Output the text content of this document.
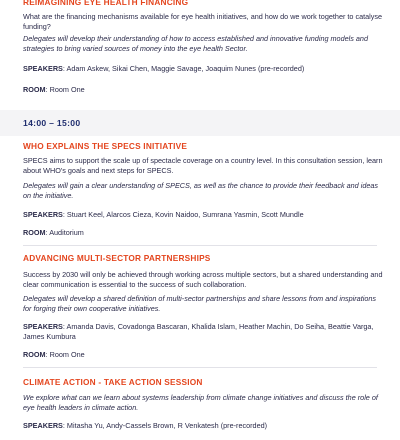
REIMAGINING EYE HEALTH FINANCING
What are the financing mechanisms available for eye health initiatives, and how do we work together to catalyse funding?
Delegates will develop their understanding of how to access established and innovative funding models and strategies to bring varied sources of money into the eye health Sector.
SPEAKERS: Adam Askew, Sikai Chen, Maggie Savage, Joaquim Nunes (pre-recorded)
ROOM: Room One
14:00 – 15:00
WHO EXPLAINS THE SPECS INITIATIVE
SPECS aims to support the scale up of spectacle coverage on a country level. In this consultation session, learn about WHO's goals and next steps for SPECS.
Delegates will gain a clear understanding of SPECS, as well as the chance to provide their feedback and ideas on the initiative.
SPEAKERS: Stuart Keel, Alarcos Cieza, Kovin Naidoo, Sumrana Yasmin, Scott Mundle
ROOM: Auditorium
ADVANCING MULTI-SECTOR PARTNERSHIPS
Success by 2030 will only be achieved through working across multiple sectors, but a shared understanding and clear communication is essential to the success of such collaboration.
Delegates will develop a shared definition of multi-sector partnerships and share lessons from and inspirations for forging their own cooperative initiatives.
SPEAKERS: Amanda Davis, Covadonga Bascaran, Khalida Islam, Heather Machin, Do Seiha, Beattie Varga, James Kumbura
ROOM: Room One
CLIMATE ACTION - TAKE ACTION SESSION
We explore what can we learn about systems leadership from climate change initiatives and discuss the role of eye health leaders in climate action.
SPEAKERS: Mitasha Yu, Andy-Cassels Brown, R Venkatesh (pre-recorded)
